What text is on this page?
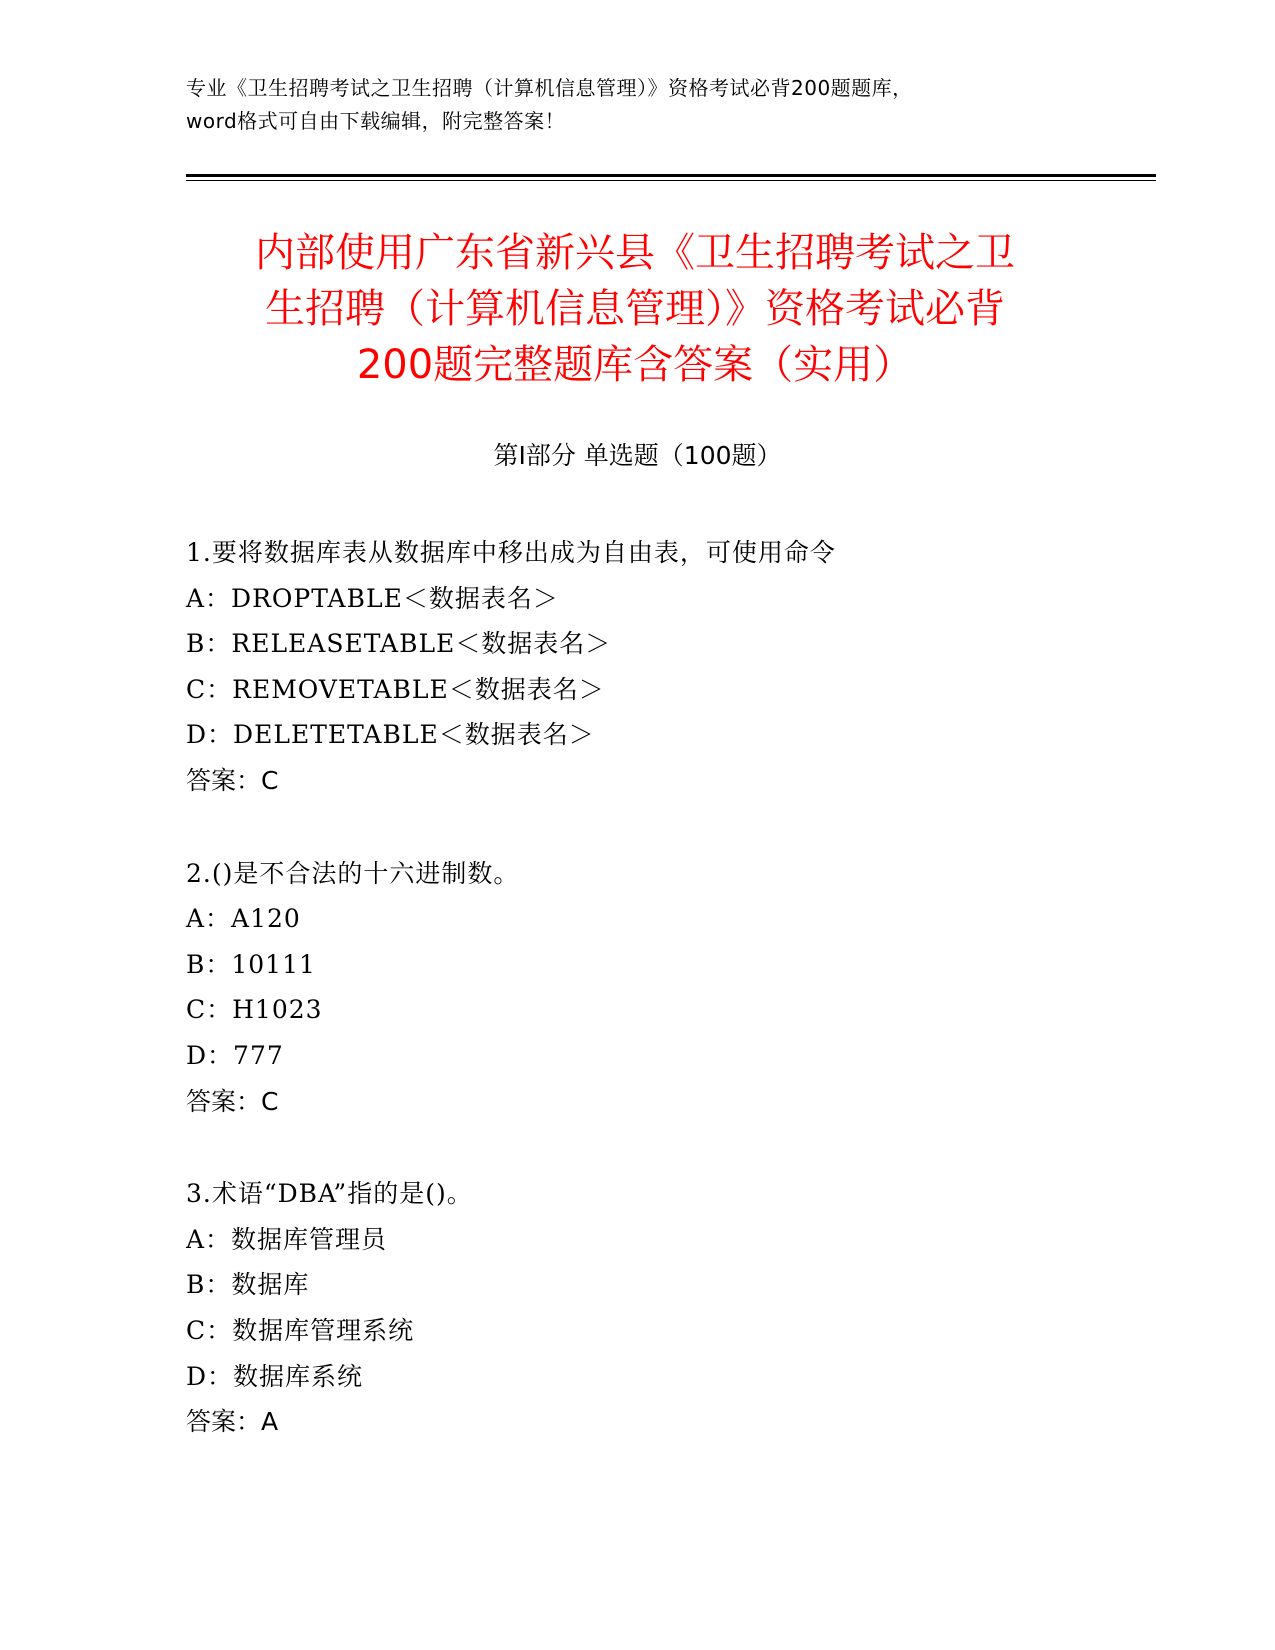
专业《卫生招聘考试之卫生招聘（计算机信息管理）》资格考试必背200题题库，
word格式可自由下载编辑，附完整答案！
内部使用广东省新兴县《卫生招聘考试之卫
生招聘（计算机信息管理）》资格考试必背
200题完整题库含答案（实用）
第Ⅰ部分 单选题（100题）
1.要将数据库表从数据库中移出成为自由表，可使用命令
A：DROPTABLE＜数据表名＞
B：RELEASETABLE＜数据表名＞
C：REMOVETABLE＜数据表名＞
D：DELETETABLE＜数据表名＞
答案：C
2.()是不合法的十六进制数。
A：A120
B：10111
C：H1023
D：777
答案：C
3.术语“DBA”指的是()。
A：数据库管理员
B：数据库
C：数据库管理系统
D：数据库系统
答案：A
